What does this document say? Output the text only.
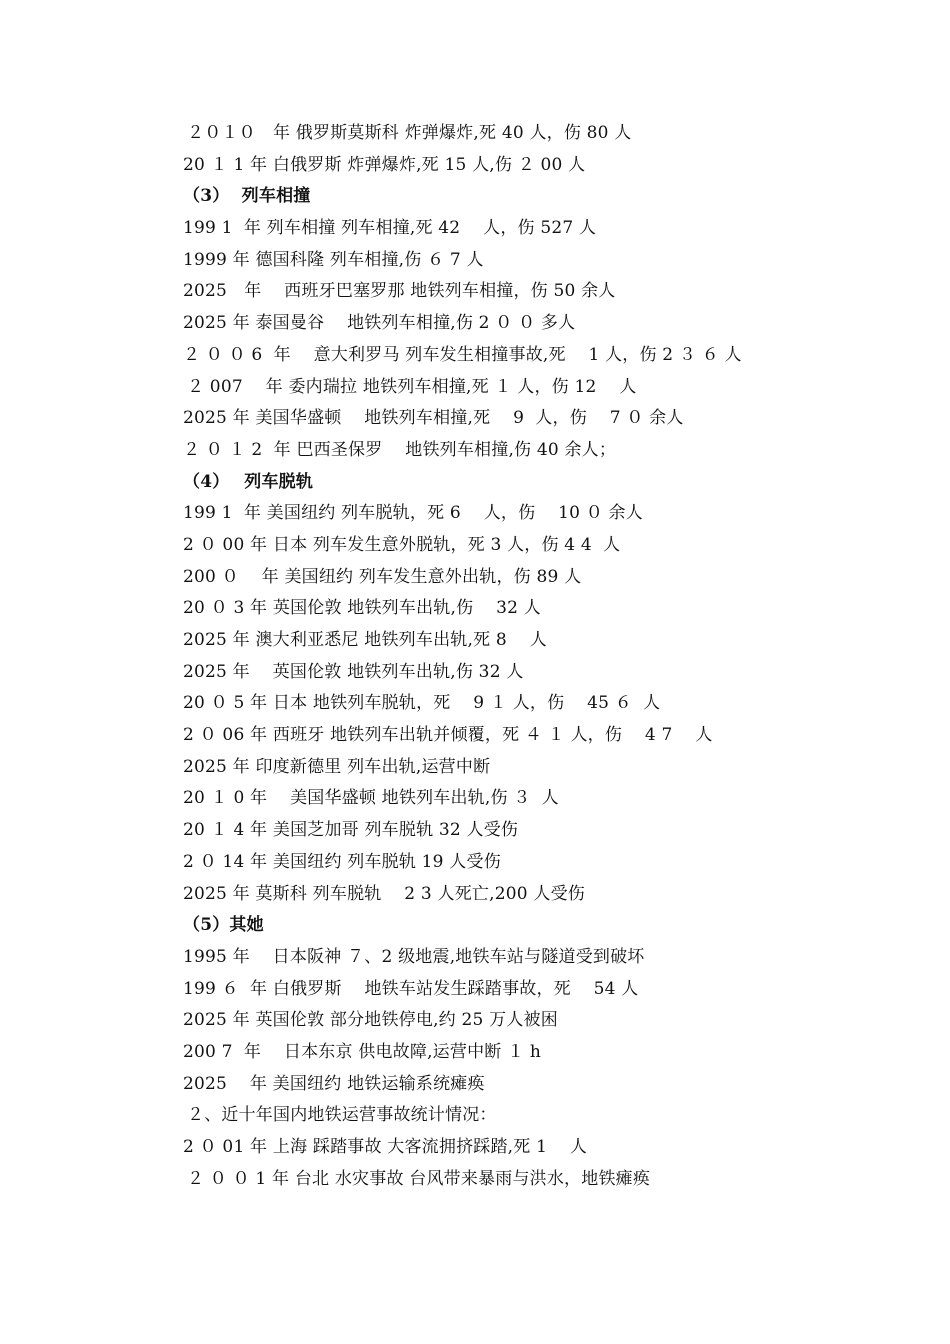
２０１０　年 俄罗斯莫斯科 炸弹爆炸,死 40 人，伤 80 人
20 １ 1 年 白俄罗斯 炸弹爆炸,死 15 人,伤 ２ 00 人
（3）  列车相撞
199 1  年 列车相撞 列车相撞,死 42　 人，伤 527 人
1999 年 德国科隆 列车相撞,伤 ６ 7 人
2025　年　 西班牙巴塞罗那 地铁列车相撞，伤 50 余人
2025 年 泰国曼谷　 地铁列车相撞,伤 2 ０ ０ 多人
２ ０ ０ 6  年　 意大利罗马 列车发生相撞事故,死　 1 人，伤 2 ３ ６ 人
２ 007　 年 委内瑞拉 地铁列车相撞,死 １ 人，伤 12　 人
2025 年 美国华盛顿　 地铁列车相撞,死　 9  人，伤　 7 ０ 余人
２ ０ １ 2  年 巴西圣保罗　 地铁列车相撞,伤 40 余人；
（4）　 列车脱轨
199 1  年 美国纽约 列车脱轨，死 6　 人，伤　 10 ０ 余人
2 ０ 00 年 日本 列车发生意外脱轨，死 3 人，伤 4 4  人
200 ０　 年 美国纽约 列车发生意外出轨，伤 89 人
20 ０ 3 年 英国伦敦 地铁列车出轨,伤　 32 人
2025 年 澳大利亚悉尼 地铁列车出轨,死 8　 人
2025 年　 英国伦敦 地铁列车出轨,伤 32 人
20 ０ 5 年 日本 地铁列车脱轨，死　 9 １ 人，伤　 45 ６  人
2 ０ 06 年 西班牙 地铁列车出轨并倾覆，死 ４ １ 人，伤　 4 7　 人
2025 年 印度新德里 列车出轨,运营中断
20 １ 0 年　 美国华盛顿 地铁列车出轨,伤 ３  人
20 １ 4 年 美国芝加哥 列车脱轨 32 人受伤
2 ０ 14 年 美国纽约 列车脱轨 19 人受伤
2025 年 莫斯科 列车脱轨　 2 3 人死亡,200 人受伤
（5）其她
1995 年　 日本阪神 ７、2 级地震,地铁车站与隧道受到破坏
199 ６  年 白俄罗斯　 地铁车站发生踩踏事故，死　 54 人
2025 年 英国伦敦 部分地铁停电,约 25 万人被困
200 7  年　 日本东京 供电故障,运营中断 １ h
2025　 年 美国纽约 地铁运输系统瘫痪
２、近十年国内地铁运营事故统计情况：
2 ０ 01 年 上海 踩踏事故 大客流拥挤踩踏,死 1　 人
２ ０ ０ 1 年 台北 水灾事故 台风带来暴雨与洪水，地铁瘫痪
